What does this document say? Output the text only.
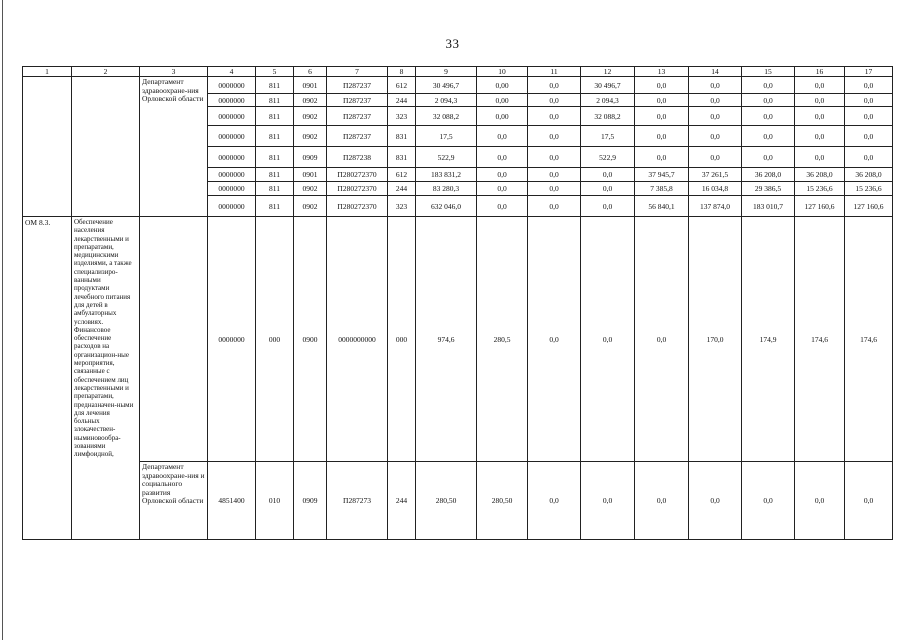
33
1	2	3	4	5	6	7	8	9	10	11	12	13	14	15	16	17
		Департамент здравоохране-ния Орловской области	0000000	811	0901	П287237	612	30 496,7	0,00	0,0	30 496,7	0,0	0,0	0,0	0,0	0,0
			0000000	811	0902	П287237	244	2 094,3	0,00	0,0	2 094,3	0,0	0,0	0,0	0,0	0,0
			0000000	811	0902	П287237	323	32 088,2	0,00	0,0	32 088,2	0,0	0,0	0,0	0,0	0,0
			0000000	811	0902	П287237	831	17,5	0,0	0,0	17,5	0,0	0,0	0,0	0,0	0,0
			0000000	811	0909	П287238	831	522,9	0,0	0,0	522,9	0,0	0,0	0,0	0,0	0,0
			0000000	811	0901	П280272370	612	183 831,2	0,0	0,0	0,0	37 945,7	37 261,5	36 208,0	36 208,0	36 208,0
			0000000	811	0902	П280272370	244	83 280,3	0,0	0,0	0,0	7 385,8	16 034,8	29 386,5	15 236,6	15 236,6
			0000000	811	0902	П280272370	323	632 046,0	0,0	0,0	0,0	56 840,1	137 874,0	183 010,7	127 160,6	127 160,6
ОМ 8.3.	Обеспечение населения лекарственными и препаратами, медицинскими изделиями, а также специализиро-ванными продуктами лечебного питания для детей в амбулаторных условиях. Финансовое обеспечение расходов на организацион-ные мероприятия, связанные с обеспечением лиц лекарственными и препаратами, предназначен-ными для лечения больных злокачествен-ныминовообра-зованиями лимфоидной,		0000000	000	0900	0000000000	000	974,6	280,5	0,0	0,0	0,0	170,0	174,9	174,6	174,6
		Департамент здравоохране-ния и социального развития Орловской области	4851400	010	0909	П287273	244	280,50	280,50	0,0	0,0	0,0	0,0	0,0	0,0	0,0
